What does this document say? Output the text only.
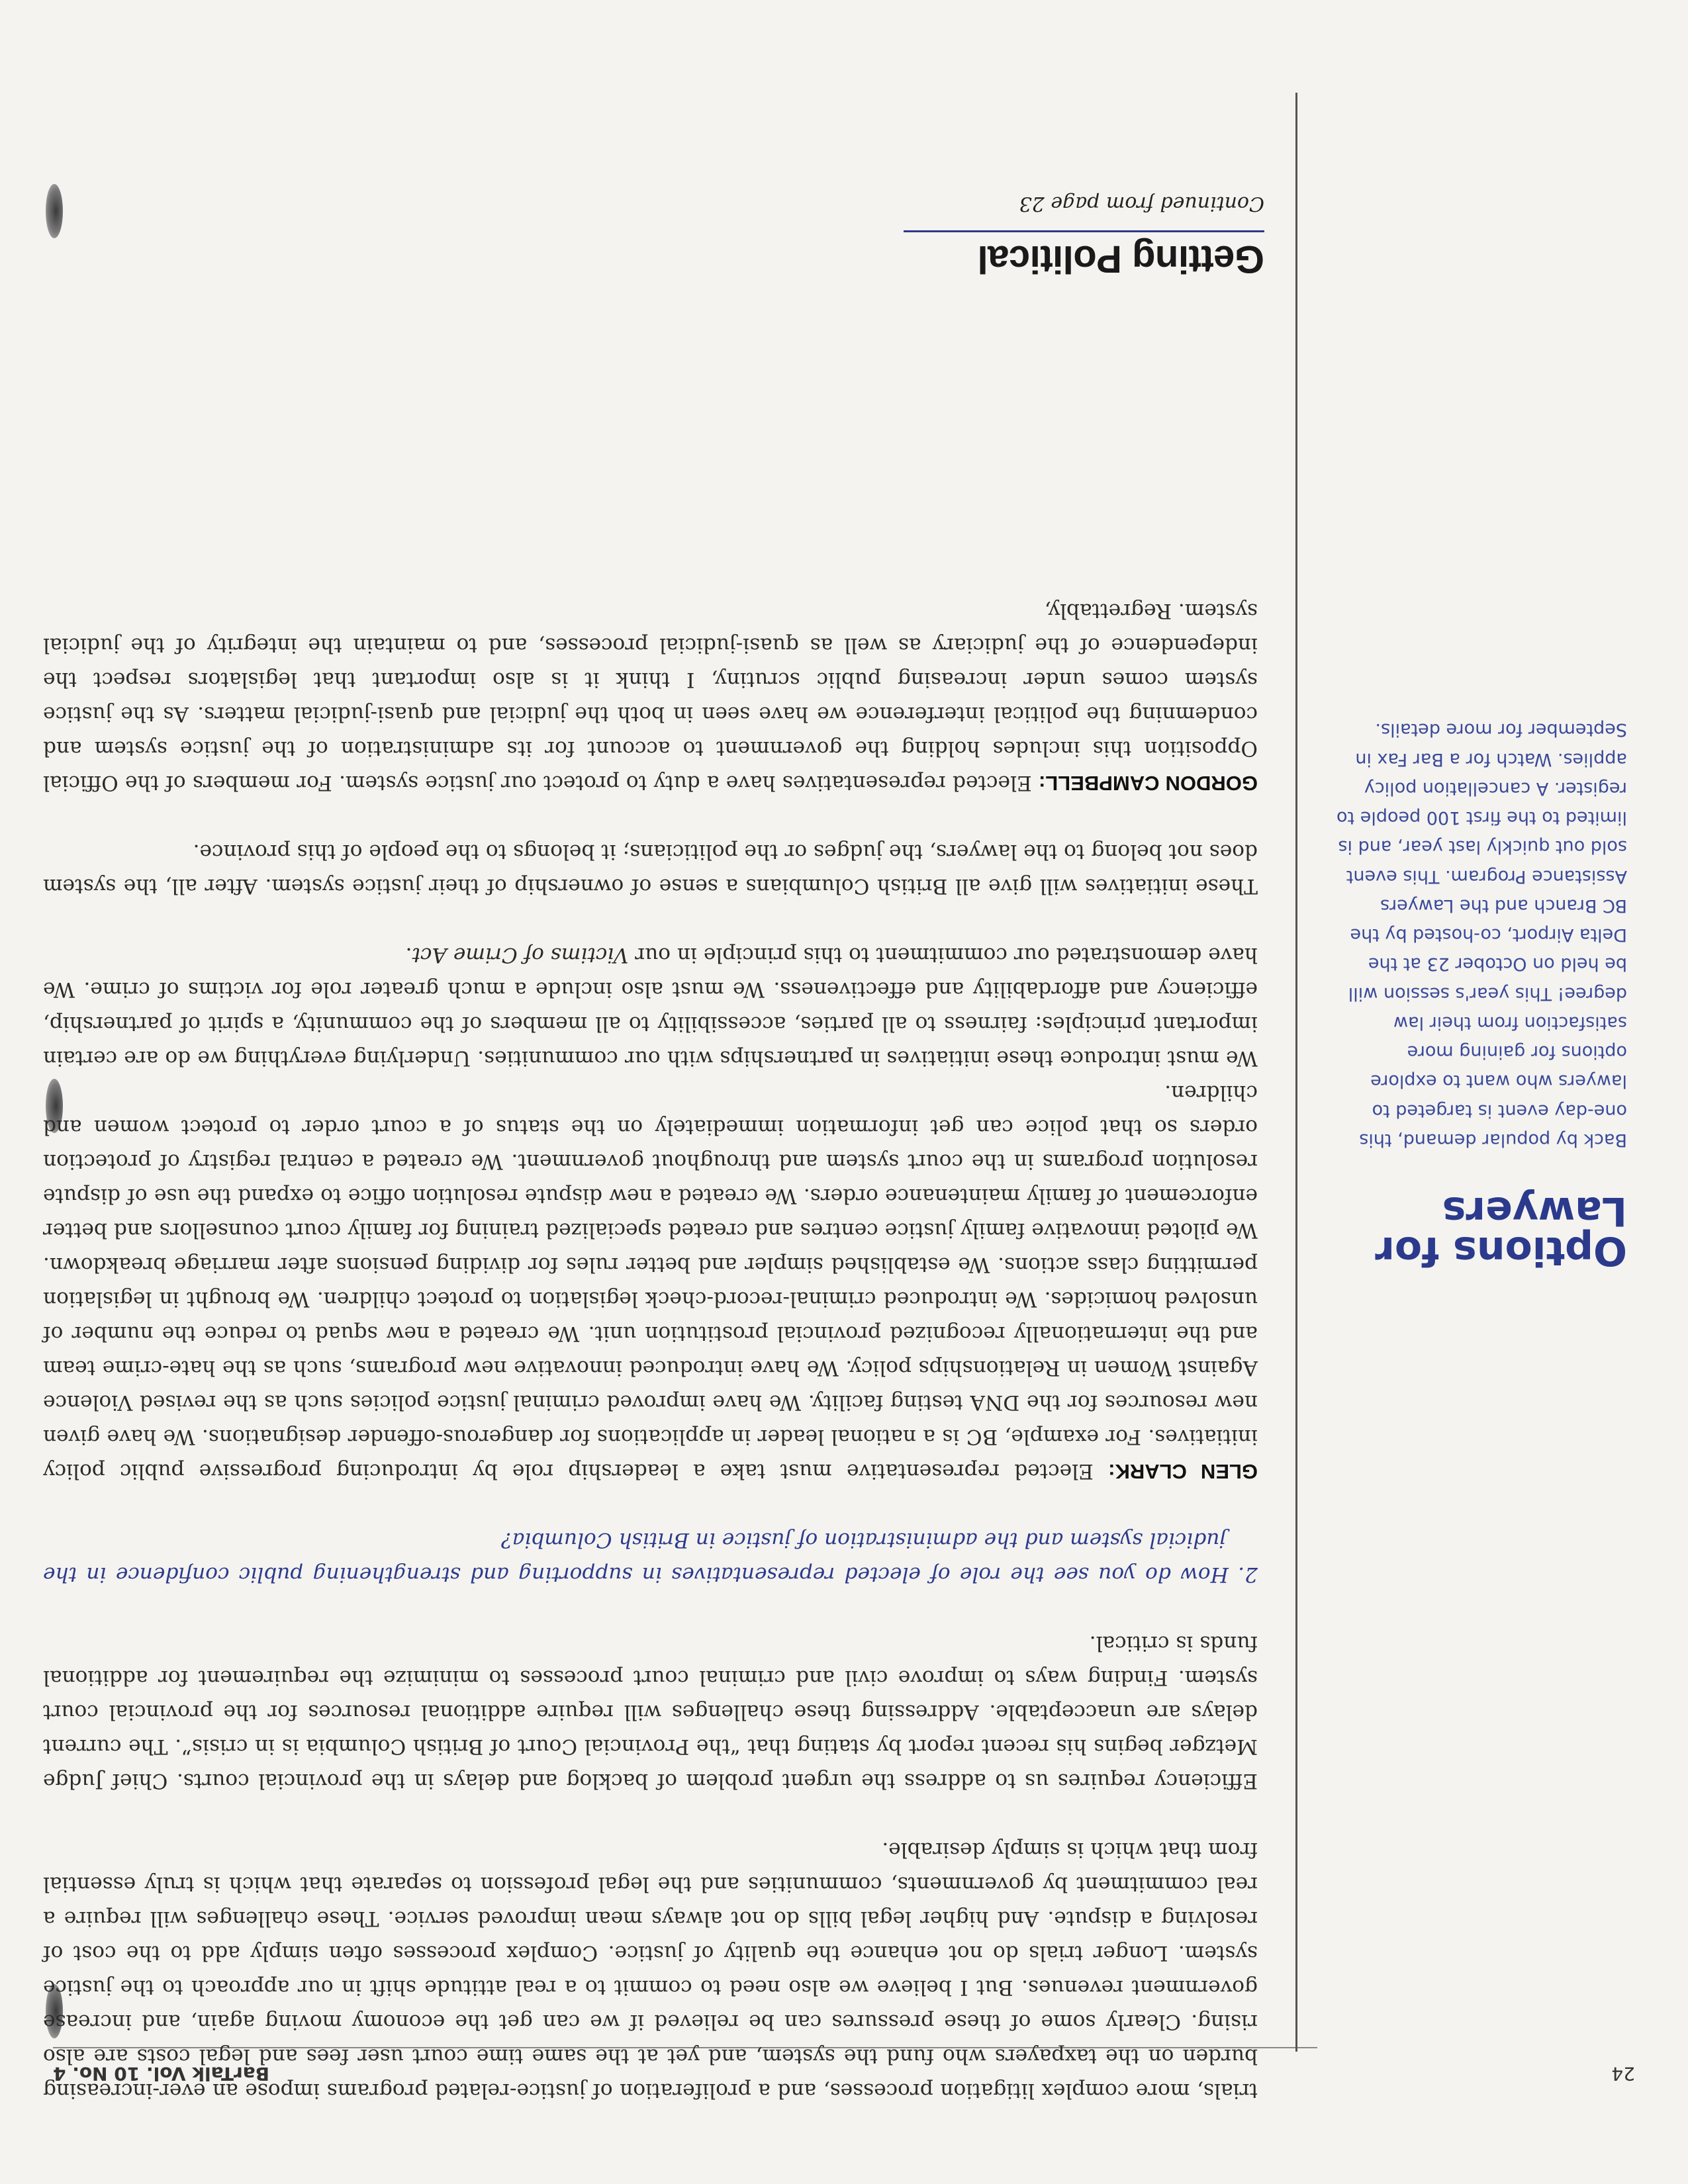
24
BarTalk Vol. 10 No. 4
Options for Lawyers

Back by popular demand, this one-day event is targeted to lawyers who want to explore options for gaining more satisfaction from their law degree! This year's session will be held on October 23 at the Delta Airport, co-hosted by the BC Branch and the Lawyers Assistance Program. This event sold out quickly last year, and is limited to the first 100 people to register. A cancellation policy applies. Watch for a Bar Fax in September for more details.

Getting Political
Continued from page 23

trials, more complex litigation processes, and a proliferation of justice-related programs impose an ever-increasing burden on the taxpayers who fund the system, and yet at the same time court user fees and legal costs are also rising. Clearly some of these pressures can be relieved if we can get the economy moving again, and increase government revenues. But I believe we also need to commit to a real attitude shift in our approach to the justice system. Longer trials do not enhance the quality of justice. Complex processes often simply add to the cost of resolving a dispute. And higher legal bills do not always mean improved service. These challenges will require a real commitment by governments, communities and the legal profession to separate that which is truly essential from that which is simply desirable.

Efficiency requires us to address the urgent problem of backlog and delays in the provincial courts. Chief Judge Metzger begins his recent report by stating that “the Provincial Court of British Columbia is in crisis”. The current delays are unacceptable. Addressing these challenges will require additional resources for the provincial court system. Finding ways to improve civil and criminal court processes to minimize the requirement for additional funds is critical.

2. How do you see the role of elected representatives in supporting and strengthening public confidence in the judicial system and the administration of justice in British Columbia?

GLEN CLARK: Elected representative must take a leadership role by introducing progressive public policy initiatives. For example, BC is a national leader in applications for dangerous-offender designations. We have given new resources for the DNA testing facility. We have improved criminal justice policies such as the revised Violence Against Women in Relationships policy. We have introduced innovative new programs, such as the hate-crime team and the internationally recognized provincial prostitution unit. We created a new squad to reduce the number of unsolved homicides. We introduced criminal-record-check legislation to protect children. We brought in legislation permitting class actions. We established simpler and better rules for dividing pensions after marriage breakdown. We piloted innovative family justice centres and created specialized training for family court counsellors and better enforcement of family maintenance orders. We created a new dispute resolution office to expand the use of dispute resolution programs in the court system and throughout government. We created a central registry of protection orders so that police can get information immediately on the status of a court order to protect women and children.

We must introduce these initiatives in partnerships with our communities. Underlying everything we do are certain important principles: fairness to all parties, accessibility to all members of the community, a spirit of partnership, efficiency and affordability and effectiveness. We must also include a much greater role for victims of crime. We have demonstrated our commitment to this principle in our Victims of Crime Act.

These initiatives will give all British Columbians a sense of ownership of their justice system. After all, the system does not belong to the lawyers, the judges or the politicians; it belongs to the people of this province.

GORDON CAMPBELL: Elected representatives have a duty to protect our justice system. For members of the Official Opposition this includes holding the government to account for its administration of the justice system and condemning the political interference we have seen in both the judicial and quasi-judicial matters. As the justice system comes under increasing public scrutiny, I think it is also important that legislators respect the independence of the judiciary as well as quasi-judicial processes, and to maintain the integrity of the judicial system. Regrettably,
